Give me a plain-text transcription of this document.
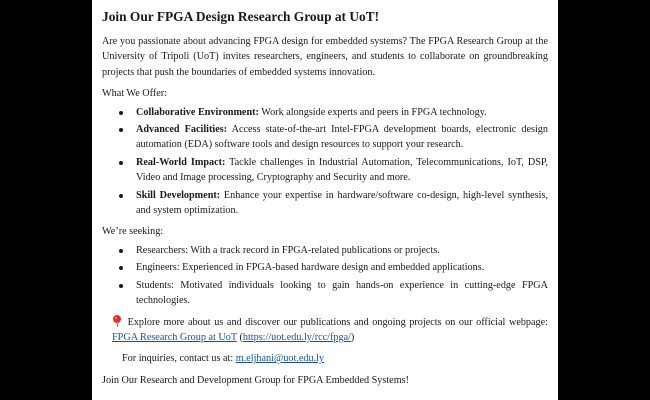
Join Our FPGA Design Research Group at UoT!

Are you passionate about advancing FPGA design for embedded systems? The FPGA Research Group at the University of Tripoli (UoT) invites researchers, engineers, and students to collaborate on groundbreaking projects that push the boundaries of embedded systems innovation.

What We Offer:

Collaborative Environment: Work alongside experts and peers in FPGA technology.
Advanced Facilities: Access state-of-the-art Intel-FPGA development boards, electronic design automation (EDA) software tools and design resources to support your research.
Real-World Impact: Tackle challenges in Industrial Automation, Telecommunications, IoT, DSP, Video and Image processing, Cryptography and Security and more.
Skill Development: Enhance your expertise in hardware/software co-design, high-level synthesis, and system optimization.

We’re seeking:

Researchers: With a track record in FPGA-related publications or projects.
Engineers: Experienced in FPGA-based hardware design and embedded applications.
Students: Motivated individuals looking to gain hands-on experience in cutting-edge FPGA technologies.

Explore more about us and discover our publications and ongoing projects on our official webpage: FPGA Research Group at UoT (https://uot.edu.ly/rcc/fpga/)

For inquiries, contact us at: m.eljhani@uot.edu.ly

Join Our Research and Development Group for FPGA Embedded Systems!
